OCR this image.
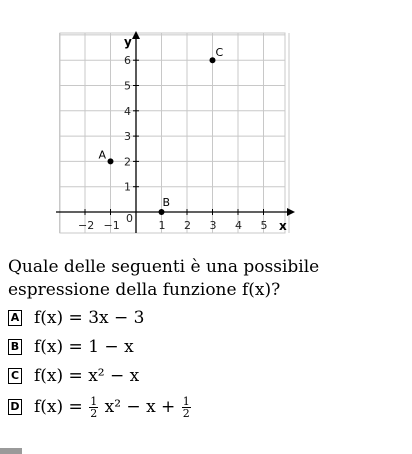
x
y
−2 −1	1 2 3 4 5
1
2
3
4
5
6
0
A
B
C

Quale delle seguenti è una possibile espressione della funzione f(x)?

A f(x) = 3x − 3
B f(x) = 1 − x
C f(x) = x² − x
D $f(x) = \frac{1}{2} x^2 - x + \frac{1}{2}$
